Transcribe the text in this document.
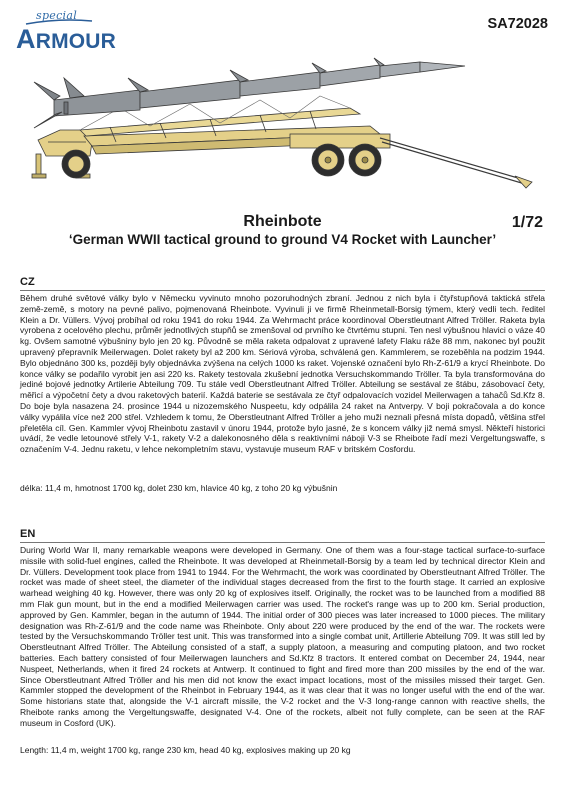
special
ARMOUR
SA72028
Rheinbote	1/72
‘German WWII tactical ground to ground V4 Rocket with Launcher’
CZ

Během druhé světové války bylo v Německu vyvinuto mnoho pozoruhodných zbraní. Jednou z nich byla i čtyřstupňová taktická střela země-země, s motory na pevné palivo, pojmenovaná Rheinbote. Vyvinuli ji ve firmě Rheinmetall-Borsig týmem, který vedli tech. ředitel Klein a Dr. Vüllers. Vývoj probíhal od roku 1941 do roku 1944. Za Wehrmacht práce koordinoval Oberstleutnant Alfred Tröller. Raketa byla vyrobena z ocelového plechu, průměr jednotlivých stupňů se zmenšoval od prvního ke čtvrtému stupni. Ten nesl výbušnou hlavici o váze 40 kg. Ovšem samotné výbušniny bylo jen 20 kg. Původně se měla raketa odpalovat z upravené lafety Flaku ráže 88 mm, nakonec byl použit upravený přepravník Meilerwagen. Dolet rakety byl až 200 km. Sériová výroba, schválená gen. Kammlerem, se rozeběhla na podzim 1944. Bylo objednáno 300 ks, později byly objednávka zvýšena na celých 1000 ks raket. Vojenské označení bylo Rh-Z-61/9 a krycí Rheinbote. Do konce války se podařilo vyrobit jen asi 220 ks. Rakety testovala zkušební jednotka Versuchskommando Tröller. Ta byla transformována do jediné bojové jednotky Artilerie Abteilung 709. Tu stále vedl Oberstleutnant Alfred Tröller. Abteilung se sestával ze štábu, zásobovací čety, měřicí a výpočetní čety a dvou raketových baterií. Každá baterie se sestávala ze čtyř odpalovacích vozidel Meilerwagen a tahačů Sd.Kfz 8. Do boje byla nasazena 24. prosince 1944 u nizozemského Nuspeetu, kdy odpálila 24 raket na Antverpy. V boji pokračovala a do konce války vypálila více než 200 střel. Vzhledem k tomu, že Oberstleutnant Alfred Tröller a jeho muži neznali přesná místa dopadů, většina střel přeletěla cíl. Gen. Kammler vývoj Rheinbotu zastavil v únoru 1944, protože bylo jasné, že s koncem války již nemá smysl. Někteří historici uvádí, že vedle letounové střely V-1, rakety V-2 a dalekonosného děla s reaktivními náboji V-3 se Rheibote řadí mezi Vergeltungswaffe, s označením V-4. Jednu raketu, v lehce nekompletním stavu, vystavuje museum RAF v britském Cosfordu.

délka: 11,4 m, hmotnost 1700 kg, dolet 230 km, hlavice 40 kg, z toho 20 kg výbušnin

EN

During World War II, many remarkable weapons were developed in Germany. One of them was a four-stage tactical surface-to-surface missile with solid-fuel engines, called the Rheinbote. It was developed at Rheinmetall-Borsig by a team led by technical director Klein and Dr. Vüllers. Development took place from 1941 to 1944. For the Wehrmacht, the work was coordinated by Oberstleutnant Alfred Tröller. The rocket was made of sheet steel, the diameter of the individual stages decreased from the first to the fourth stage. It carried an explosive warhead weighing 40 kg. However, there was only 20 kg of explosives itself. Originally, the rocket was to be launched from a modified 88 mm Flak gun mount, but in the end a modified Meilerwagen carrier was used. The rocket's range was up to 200 km. Serial production, approved by Gen. Kammler, began in the autumn of 1944. The initial order of 300 pieces was later increased to 1000 pieces. The military designation was Rh-Z-61/9 and the code name was Rheinbote. Only about 220 were produced by the end of the war. The rockets were tested by the Versuchskommando Tröller test unit. This was transformed into a single combat unit, Artillerie Abteilung 709. It was still led by Oberstleutnant Alfred Tröller. The Abteilung consisted of a staff, a supply platoon, a measuring and computing platoon, and two rocket batteries. Each battery consisted of four Meilerwagen launchers and Sd.Kfz 8 tractors. It entered combat on December 24, 1944, near Nuspeet, Netherlands, when it fired 24 rockets at Antwerp. It continued to fight and fired more than 200 missiles by the end of the war. Since Oberstleutnant Alfred Tröller and his men did not know the exact impact locations, most of the missiles missed their target. Gen. Kammler stopped the development of the Rheinbot in February 1944, as it was clear that it was no longer useful with the end of the war. Some historians state that, alongside the V-1 aircraft missile, the V-2 rocket and the V-3 long-range cannon with reactive shells, the Rheibote ranks among the Vergeltungswaffe, designated V-4. One of the rockets, albeit not fully complete, can be seen at the RAF museum in Cosford (UK).

Length: 11,4 m, weight 1700 kg, range 230 km, head 40 kg, explosives making up 20 kg
